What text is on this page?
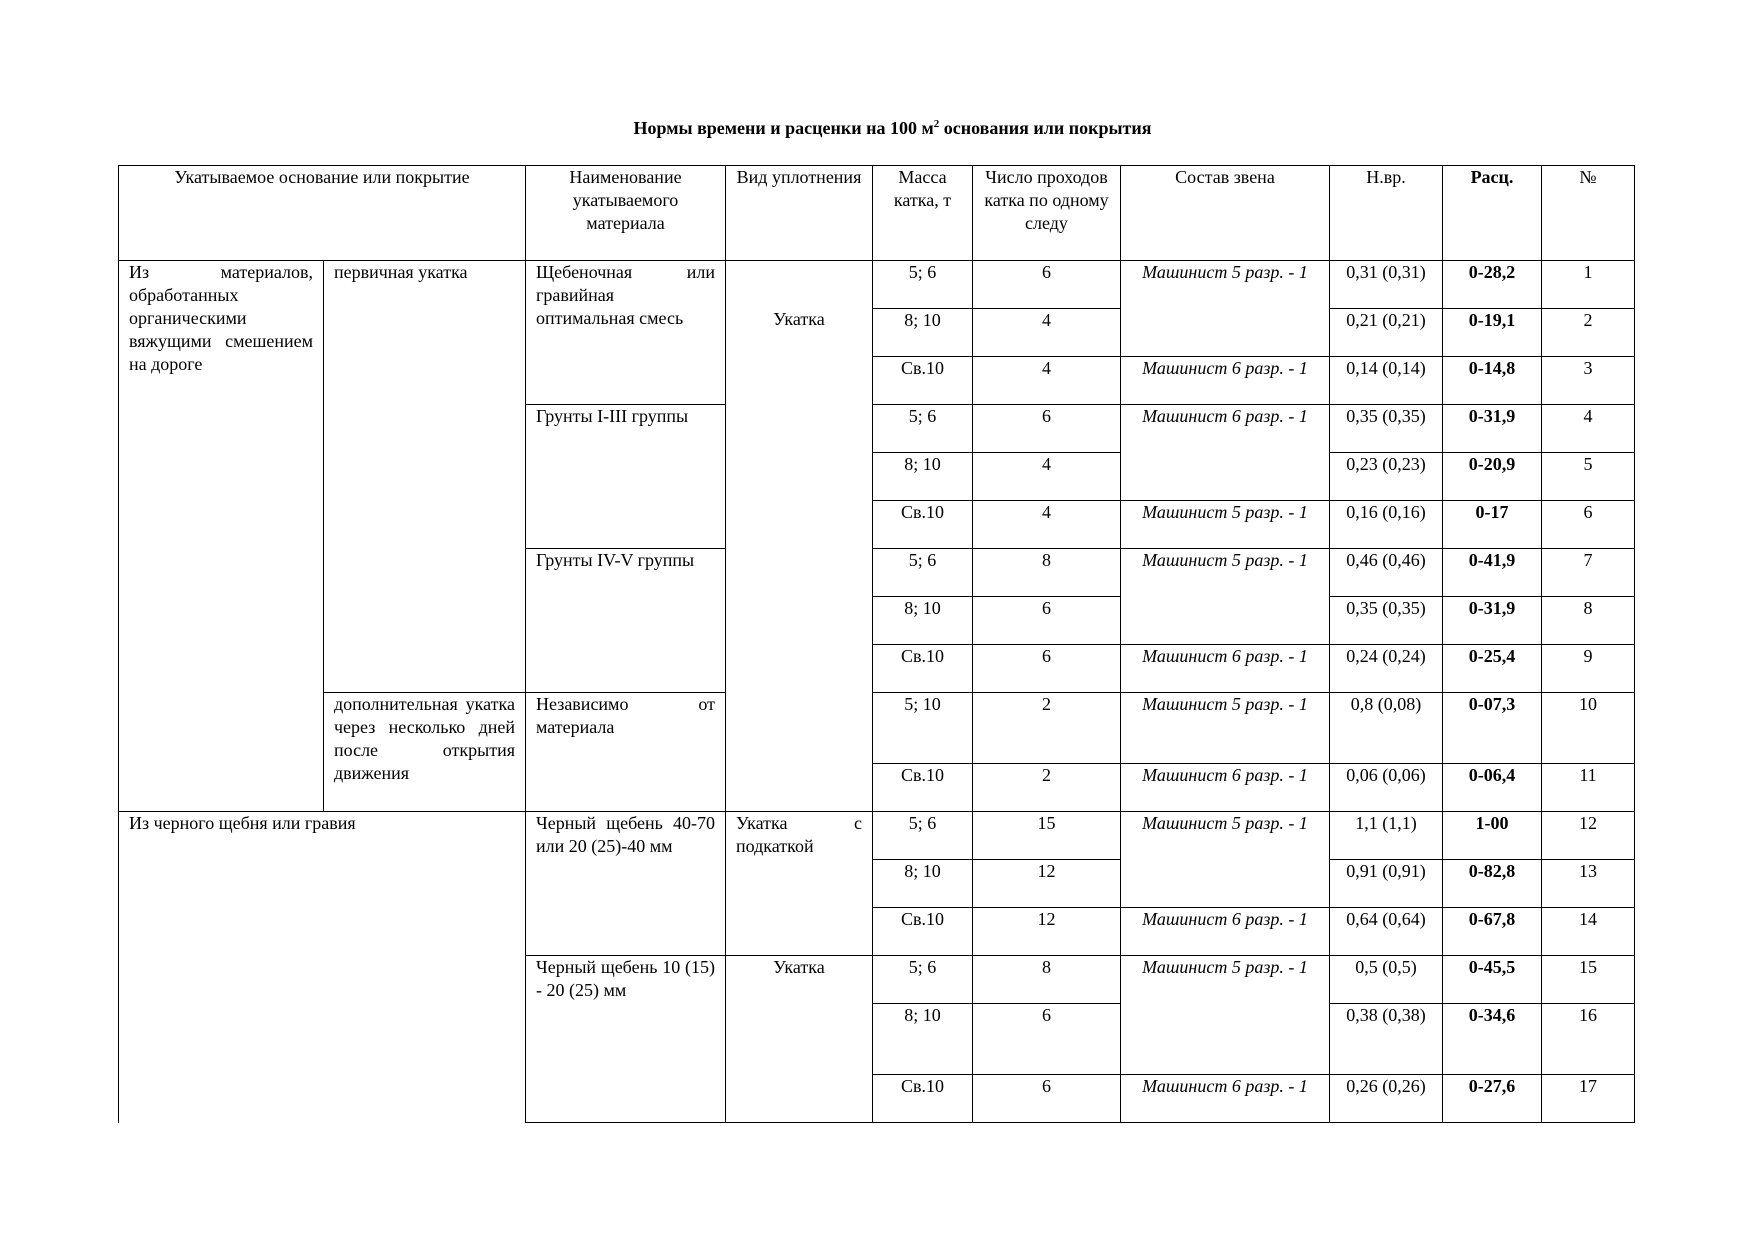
Нормы времени и расценки на 100 $м^2$ основания или покрытия
Укатываемое основание или покрытие		Наименование укатываемого материала	Вид уплотнения	Масса катка, т	Число проходов катка по одному следу	Состав звена	Н.вр.	Расц.	№
Из материалов, обработанных органическими вяжущими смешением на дороге	первичная укатка	Щебеночная или гравийная оптимальная смесь	Укатка	5; 6	6	Машинист 5 разр. - 1	0,31 (0,31)	0-28,2	1
				8; 10	4		0,21 (0,21)	0-19,1	2
				Св.10	4	Машинист 6 разр. - 1	0,14 (0,14)	0-14,8	3
		Грунты I-III группы		5; 6	6	Машинист 6 разр. - 1	0,35 (0,35)	0-31,9	4
				8; 10	4		0,23 (0,23)	0-20,9	5
				Св.10	4	Машинист 5 разр. - 1	0,16 (0,16)	0-17	6
		Грунты IV-V группы		5; 6	8	Машинист 5 разр. - 1	0,46 (0,46)	0-41,9	7
				8; 10	6		0,35 (0,35)	0-31,9	8
				Св.10	6	Машинист 6 разр. - 1	0,24 (0,24)	0-25,4	9
	дополнительная укатка через несколько дней после открытия движения	Независимо от материала		5; 10	2	Машинист 5 разр. - 1	0,8 (0,08)	0-07,3	10
				Св.10	2	Машинист 6 разр. - 1	0,06 (0,06)	0-06,4	11
Из черного щебня или гравия		Черный щебень 40-70 или 20 (25)-40 мм	Укатка с подкаткой	5; 6	15	Машинист 5 разр. - 1	1,1 (1,1)	1-00	12
				8; 10	12		0,91 (0,91)	0-82,8	13
				Св.10	12	Машинист 6 разр. - 1	0,64 (0,64)	0-67,8	14
		Черный щебень 10 (15) - 20 (25) мм	Укатка	5; 6	8	Машинист 5 разр. - 1	0,5 (0,5)	0-45,5	15
				8; 10	6		0,38 (0,38)	0-34,6	16
				Св.10	6	Машинист 6 разр. - 1	0,26 (0,26)	0-27,6	17
